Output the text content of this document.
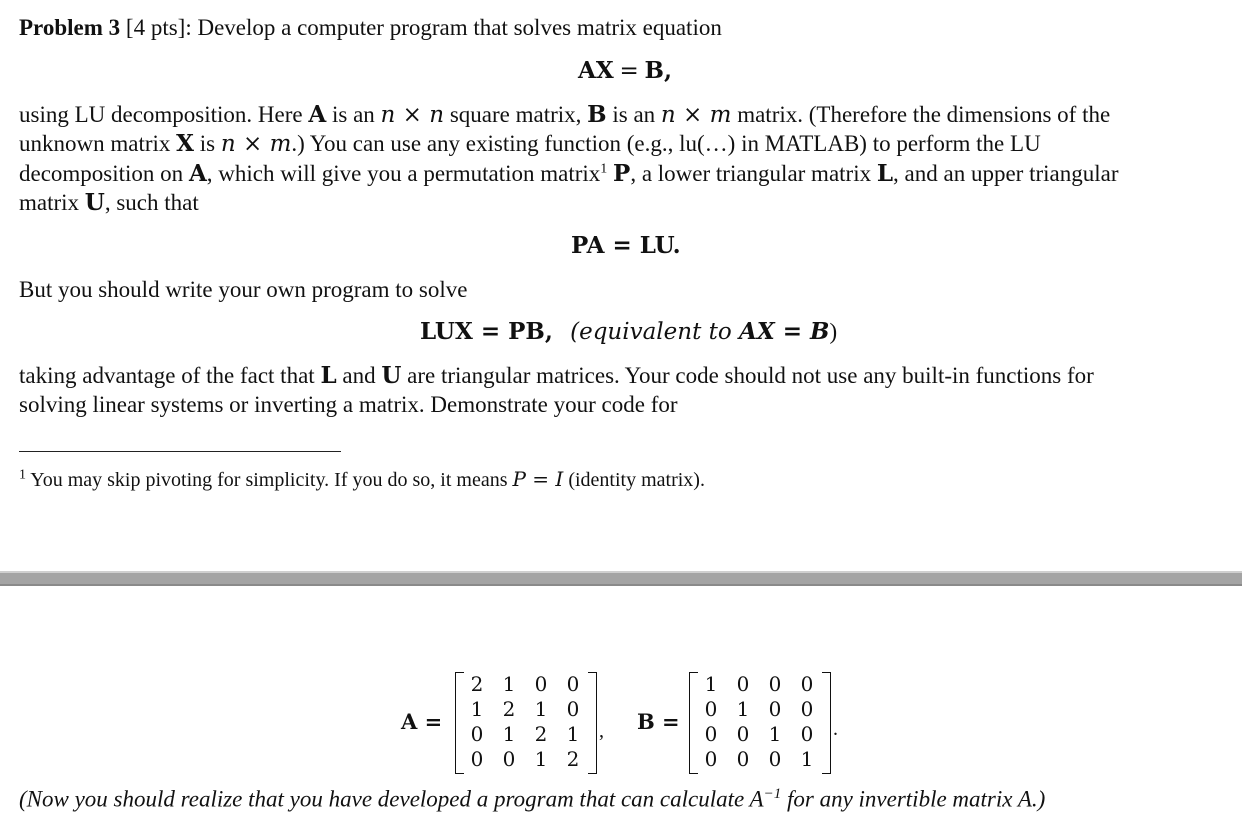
Problem 3 [4 pts]: Develop a computer program that solves matrix equation
AX = B,
using LU decomposition. Here A is an n × n square matrix, B is an n × m matrix. (Therefore the dimensions of the
unknown matrix X is n × m.) You can use any existing function (e.g., lu(…) in MATLAB) to perform the LU
decomposition on A, which will give you a permutation matrix$^1$ P, a lower triangular matrix L, and an upper triangular
matrix U, such that
PA = LU.
But you should write your own program to solve
LUX = PB, (equivalent to AX = B)
taking advantage of the fact that L and U are triangular matrices. Your code should not use any built-in functions for
solving linear systems or inverting a matrix. Demonstrate your code for
$^1$ You may skip pivoting for simplicity. If you do so, it means P = I (identity matrix).
A =
2 1 0 0
1 2 1 0
0 1 2 1
0 0 1 2
, B =
1 0 0 0
0 1 0 0
0 0 1 0
0 0 0 1
.
(Now you should realize that you have developed a program that can calculate $A^{-1}$ for any invertible matrix A.)
